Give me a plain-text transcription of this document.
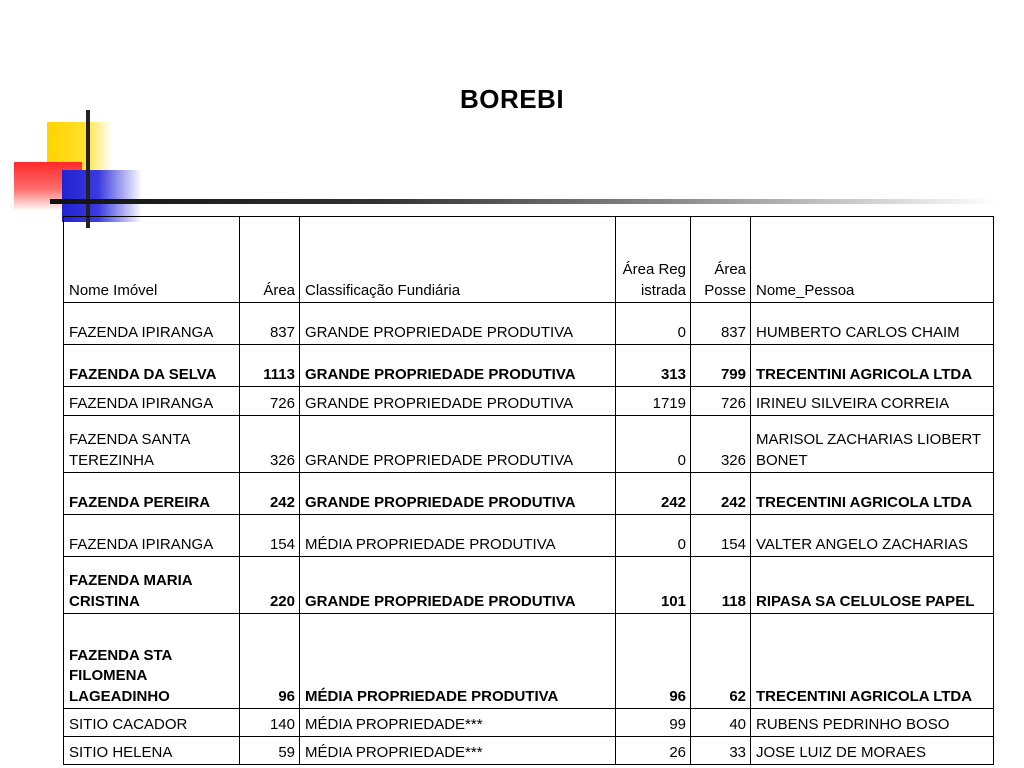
BOREBI
Nome Imóvel	Área	Classificação Fundiária	Área Registrada	Área Posse	Nome_Pessoa
FAZENDA IPIRANGA	837	GRANDE PROPRIEDADE PRODUTIVA	0	837	HUMBERTO CARLOS CHAIM
FAZENDA DA SELVA	1113	GRANDE PROPRIEDADE PRODUTIVA	313	799	TRECENTINI AGRICOLA LTDA
FAZENDA IPIRANGA	726	GRANDE PROPRIEDADE PRODUTIVA	1719	726	IRINEU SILVEIRA CORREIA
FAZENDA SANTA TEREZINHA	326	GRANDE PROPRIEDADE PRODUTIVA	0	326	MARISOL ZACHARIAS LIOBERT BONET
FAZENDA PEREIRA	242	GRANDE PROPRIEDADE PRODUTIVA	242	242	TRECENTINI AGRICOLA LTDA
FAZENDA IPIRANGA	154	MÉDIA PROPRIEDADE PRODUTIVA	0	154	VALTER ANGELO ZACHARIAS
FAZENDA MARIA CRISTINA	220	GRANDE PROPRIEDADE PRODUTIVA	101	118	RIPASA SA CELULOSE PAPEL
FAZENDA STA FILOMENA LAGEADINHO	96	MÉDIA PROPRIEDADE PRODUTIVA	96	62	TRECENTINI AGRICOLA LTDA
SITIO CACADOR	140	MÉDIA PROPRIEDADE***	99	40	RUBENS PEDRINHO BOSO
SITIO HELENA	59	MÉDIA PROPRIEDADE***	26	33	JOSE LUIZ DE MORAES
